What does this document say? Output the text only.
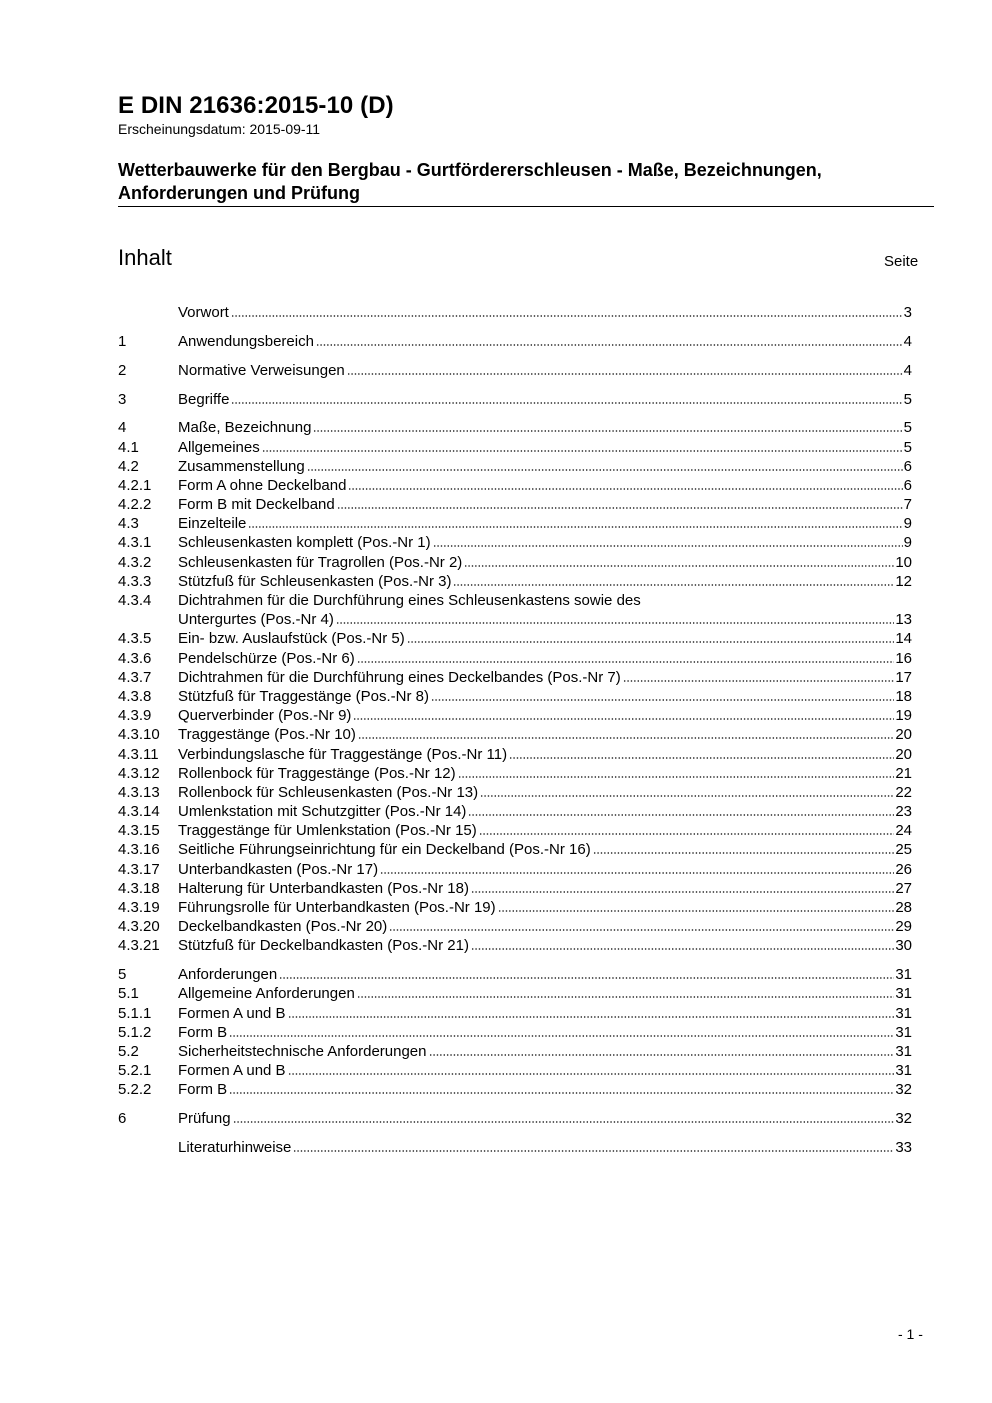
E DIN 21636:2015-10 (D)
Erscheinungsdatum: 2015-09-11
Wetterbauwerke für den Bergbau - Gurtfördererschleusen - Maße, Bezeichnungen, Anforderungen und Prüfung
Inhalt	Seite
Vorwort	3
1	Anwendungsbereich	4
2	Normative Verweisungen	4
3	Begriffe	5
4	Maße, Bezeichnung	5
4.1	Allgemeines	5
4.2	Zusammenstellung	6
4.2.1	Form A ohne Deckelband	6
4.2.2	Form B mit Deckelband	7
4.3	Einzelteile	9
4.3.1	Schleusenkasten komplett (Pos.-Nr 1)	9
4.3.2	Schleusenkasten für Tragrollen (Pos.-Nr 2)	10
4.3.3	Stützfuß für Schleusenkasten (Pos.-Nr 3)	12
4.3.4	Dichtrahmen für die Durchführung eines Schleusenkastens sowie des
Untergurtes (Pos.-Nr 4)	13
4.3.5	Ein- bzw. Auslaufstück (Pos.-Nr 5)	14
4.3.6	Pendelschürze (Pos.-Nr 6)	16
4.3.7	Dichtrahmen für die Durchführung eines Deckelbandes (Pos.-Nr 7)	17
4.3.8	Stützfuß für Traggestänge (Pos.-Nr 8)	18
4.3.9	Querverbinder (Pos.-Nr 9)	19
4.3.10	Traggestänge (Pos.-Nr 10)	20
4.3.11	Verbindungslasche für Traggestänge (Pos.-Nr 11)	20
4.3.12	Rollenbock für Traggestänge (Pos.-Nr 12)	21
4.3.13	Rollenbock für Schleusenkasten (Pos.-Nr 13)	22
4.3.14	Umlenkstation mit Schutzgitter (Pos.-Nr 14)	23
4.3.15	Traggestänge für Umlenkstation (Pos.-Nr 15)	24
4.3.16	Seitliche Führungseinrichtung für ein Deckelband (Pos.-Nr 16)	25
4.3.17	Unterbandkasten (Pos.-Nr 17)	26
4.3.18	Halterung für Unterbandkasten (Pos.-Nr 18)	27
4.3.19	Führungsrolle für Unterbandkasten (Pos.-Nr 19)	28
4.3.20	Deckelbandkasten (Pos.-Nr 20)	29
4.3.21	Stützfuß für Deckelbandkasten (Pos.-Nr 21)	30
5	Anforderungen	31
5.1	Allgemeine Anforderungen	31
5.1.1	Formen A und B	31
5.1.2	Form B	31
5.2	Sicherheitstechnische Anforderungen	31
5.2.1	Formen A und B	31
5.2.2	Form B	32
6	Prüfung	32
Literaturhinweise	33
- 1 -
